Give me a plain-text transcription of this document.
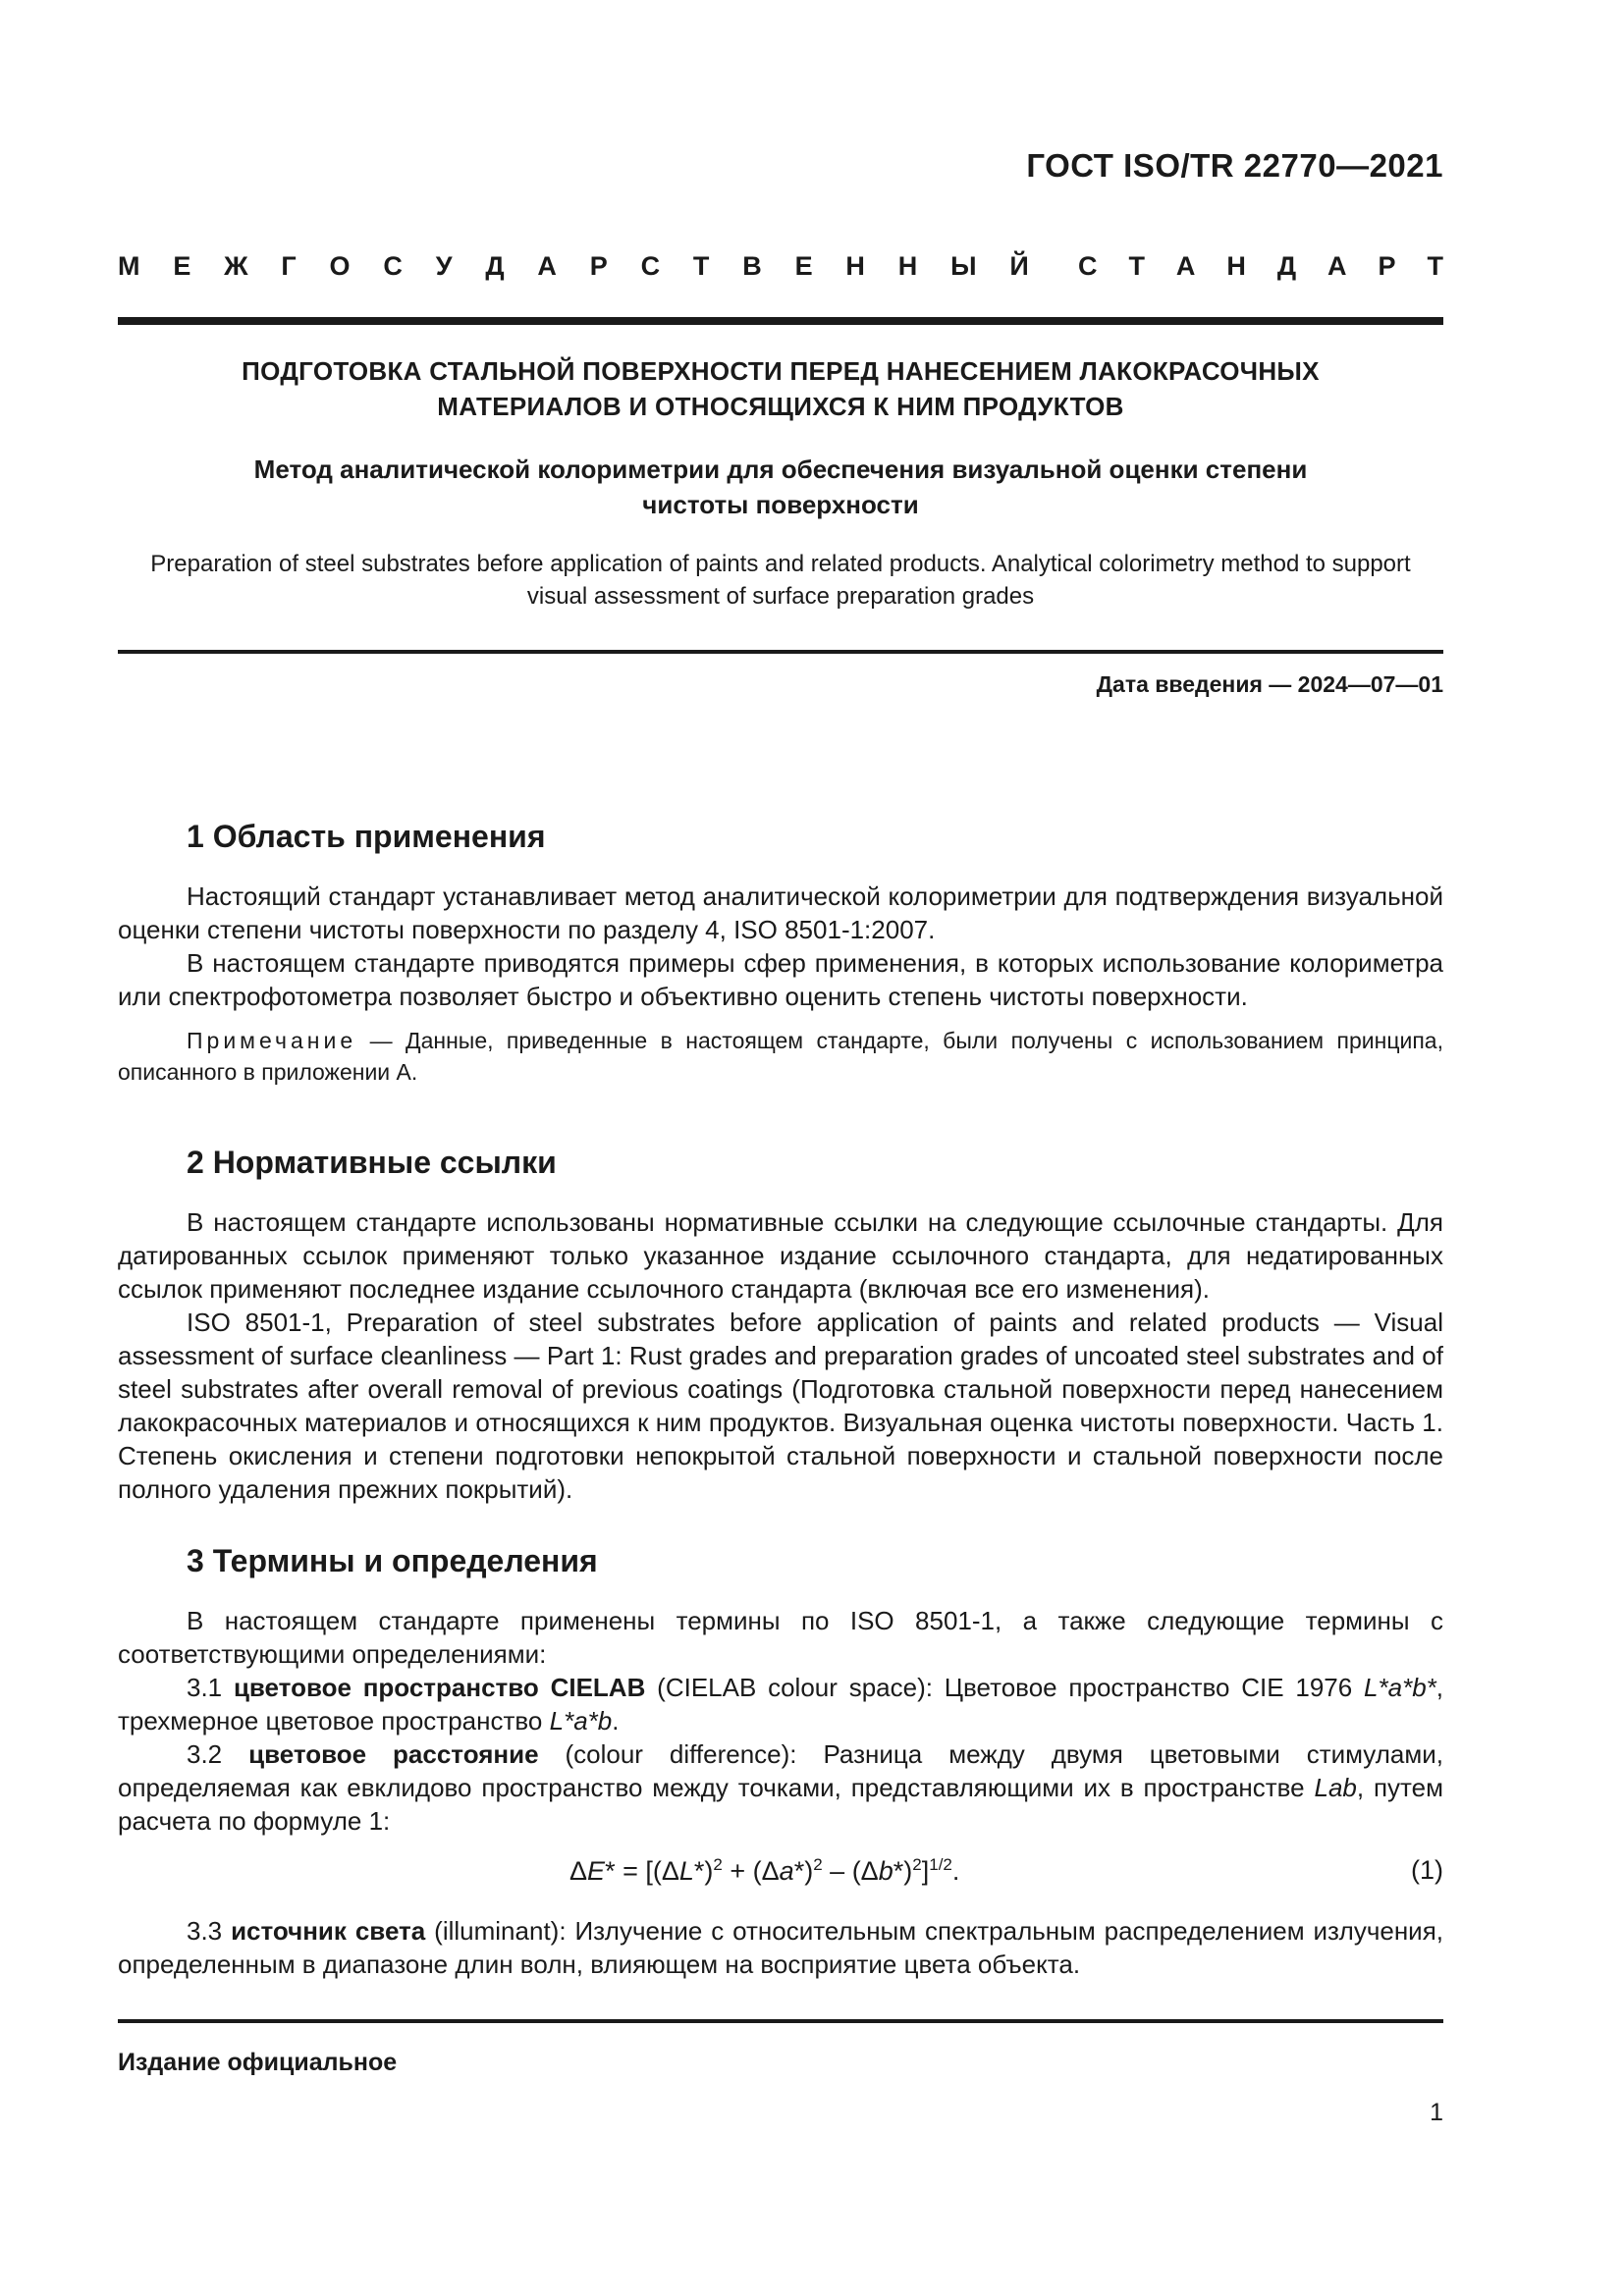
ГОСТ ISO/TR 22770—2021
М Е Ж Г О С У Д А Р С Т В Е Н Н Ы Й С Т А Н Д А Р Т
ПОДГОТОВКА СТАЛЬНОЙ ПОВЕРХНОСТИ ПЕРЕД НАНЕСЕНИЕМ ЛАКОКРАСОЧНЫХ
МАТЕРИАЛОВ И ОТНОСЯЩИХСЯ К НИМ ПРОДУКТОВ
Метод аналитической колориметрии для обеспечения визуальной оценки степени
чистоты поверхности
Preparation of steel substrates before application of paints and related products. Analytical colorimetry method to support
visual assessment of surface preparation grades
Дата введения — 2024—07—01
1 Область применения
Настоящий стандарт устанавливает метод аналитической колориметрии для подтверждения визуальной оценки степени чистоты поверхности по разделу 4, ISO 8501-1:2007.
В настоящем стандарте приводятся примеры сфер применения, в которых использование колориметра или спектрофотометра позволяет быстро и объективно оценить степень чистоты поверхности.
Примечание — Данные, приведенные в настоящем стандарте, были получены с использованием принципа, описанного в приложении А.
2 Нормативные ссылки
В настоящем стандарте использованы нормативные ссылки на следующие ссылочные стандарты. Для датированных ссылок применяют только указанное издание ссылочного стандарта, для недатированных ссылок применяют последнее издание ссылочного стандарта (включая все его изменения).
ISO 8501-1, Preparation of steel substrates before application of paints and related products — Visual assessment of surface cleanliness — Part 1: Rust grades and preparation grades of uncoated steel substrates and of steel substrates after overall removal of previous coatings (Подготовка стальной поверхности перед нанесением лакокрасочных материалов и относящихся к ним продуктов. Визуальная оценка чистоты поверхности. Часть 1. Степень окисления и степени подготовки непокрытой стальной поверхности и стальной поверхности после полного удаления прежних покрытий).
3 Термины и определения
В настоящем стандарте применены термины по ISO 8501-1, а также следующие термины с соответствующими определениями:
3.1 цветовое пространство CIELAB (CIELAB colour space): Цветовое пространство CIE 1976 L*a*b*, трехмерное цветовое пространство L*a*b.
3.2 цветовое расстояние (colour difference): Разница между двумя цветовыми стимулами, определяемая как евклидово пространство между точками, представляющими их в пространстве Lab, путем расчета по формуле 1:
$\Delta E* = [(\Delta L*)^2 + (\Delta a*)^2 - (\Delta b*)^2]^{1/2}$.	(1)
3.3 источник света (illuminant): Излучение с относительным спектральным распределением излучения, определенным в диапазоне длин волн, влияющем на восприятие цвета объекта.
Издание официальное
1
